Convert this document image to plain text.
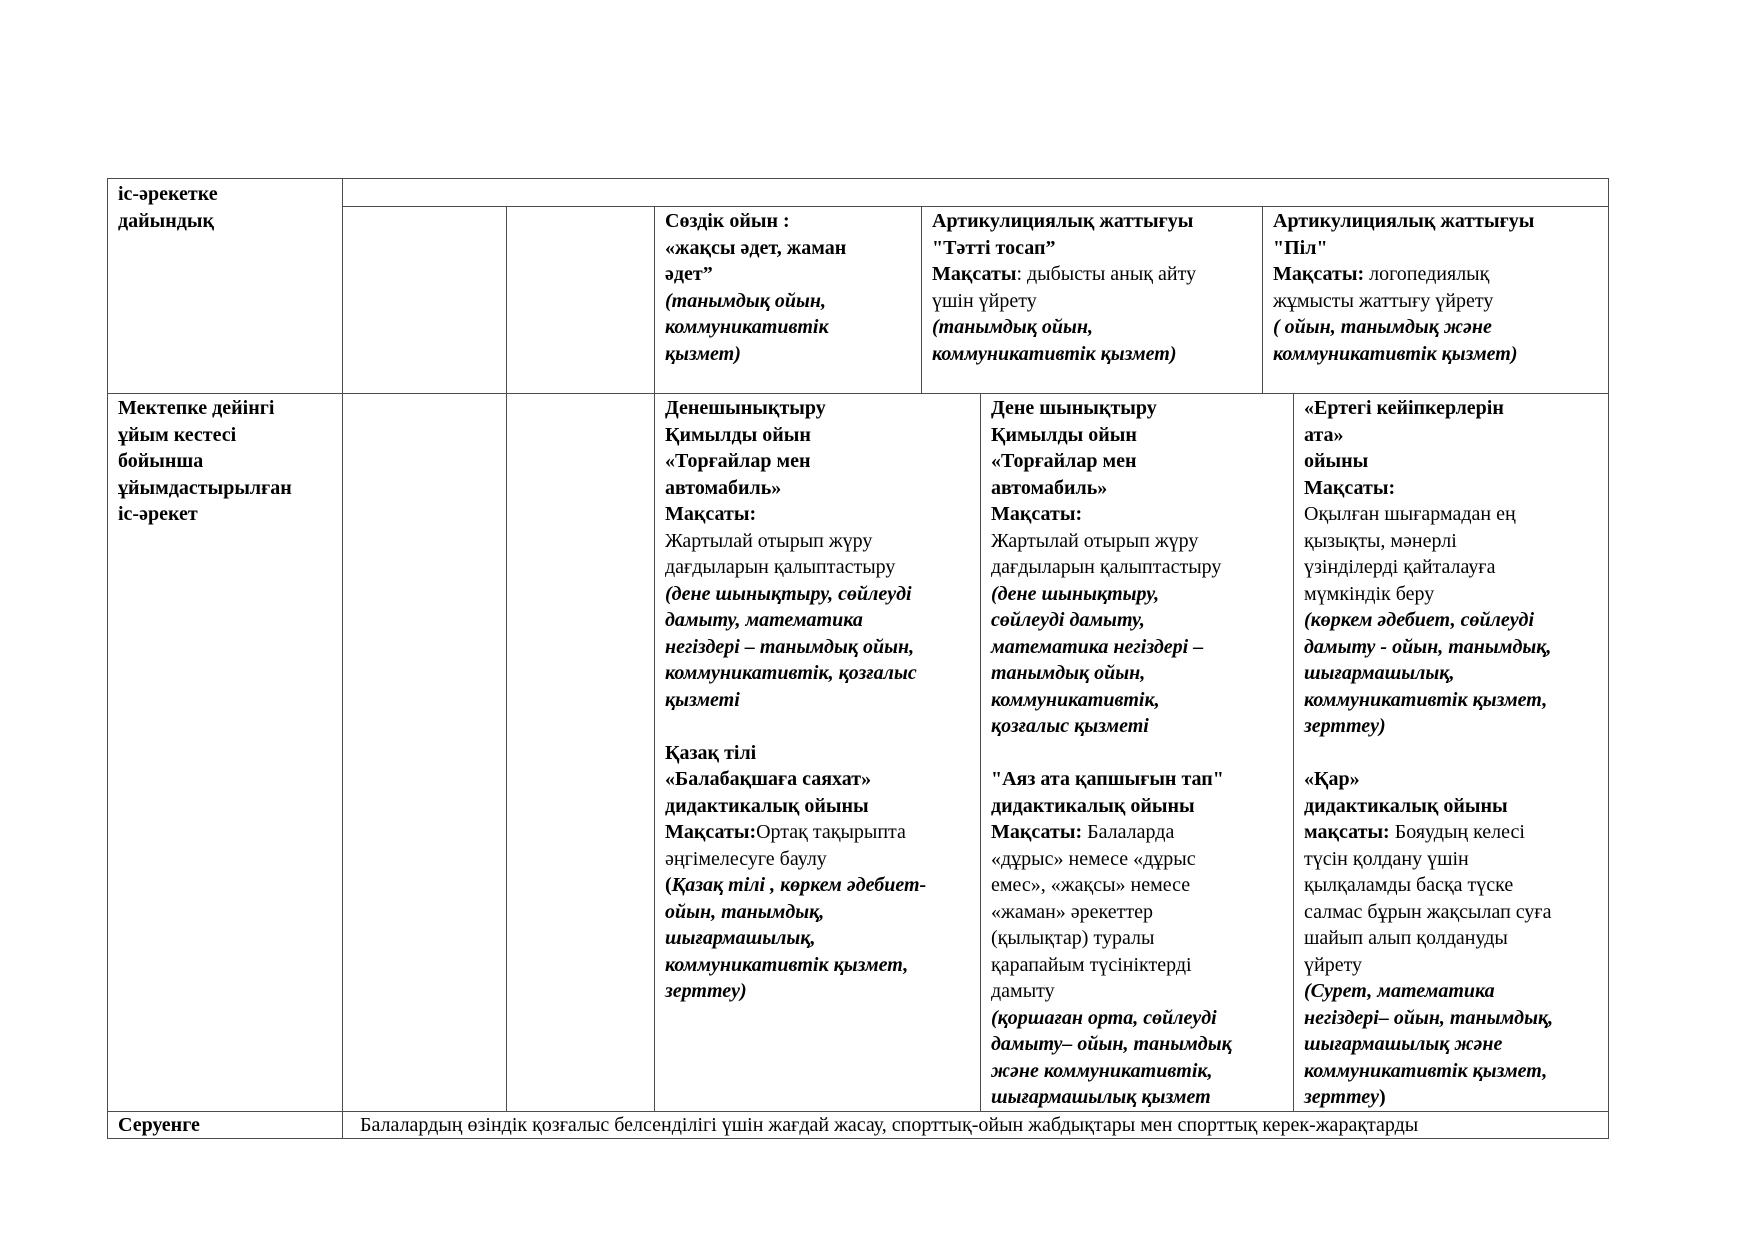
іс-әрекетке
дайындық	Сөздік ойын :
«жақсы әдет, жаман
әдет”
(танымдық ойын,
коммуникативтік
қызмет)
Артикулициялық жаттығуы
"Тәтті тосап”
Мақсаты: дыбысты анық айту
үшін үйрету
(танымдық ойын,
коммуникативтік қызмет)
Артикулициялық жаттығуы
"Піл"
Мақсаты: логопедиялық
жұмысты жаттығу үйрету
( ойын, танымдық және
коммуникативтік қызмет)
Мектепке дейінгі
ұйым кестесі
бойынша
ұйымдастырылған
іс-әрекет
Денешынықтыру
Қимылды ойын
«Торғайлар мен
автомабиль»
Мақсаты:
Жартылай отырып жүру
дағдыларын қалыптастыру
(дене шынықтыру, сөйлеуді
дамыту, математика
негіздері – танымдық ойын,
коммуникативтік, қозғалыс
қызметі
Қазақ тілі
«Балабақшаға саяхат»
дидактикалық ойыны
Мақсаты:Ортақ тақырыпта
әңгімелесуге баулу
(Қазақ тілі , көркем әдебиет-
ойын, танымдық,
шығармашылық,
коммуникативтік қызмет,
зерттеу)
Дене шынықтыру
Қимылды ойын
«Торғайлар мен
автомабиль»
Мақсаты:
Жартылай отырып жүру
дағдыларын қалыптастыру
(дене шынықтыру,
сөйлеуді дамыту,
математика негіздері –
танымдық ойын,
коммуникативтік,
қозғалыс қызметі
"Аяз ата қапшығын тап"
дидактикалық ойыны
Мақсаты: Балаларда
«дұрыс» немесе «дұрыс
емес», «жақсы» немесе
«жаман» әрекеттер
(қылықтар) туралы
қарапайым түсініктерді
дамыту
(қоршаған орта, сөйлеуді
дамыту– ойын, танымдық
және коммуникативтік,
шығармашылық қызмет
«Ертегі кейіпкерлерін
ата»
ойыны
Мақсаты:
Оқылған шығармадан ең
қызықты, мәнерлі
үзінділерді қайталауға
мүмкіндік беру
(көркем әдебиет, сөйлеуді
дамыту - ойын, танымдық,
шығармашылық,
коммуникативтік қызмет,
зерттеу)
«Қар»
дидактикалық ойыны
мақсаты: Бояудың келесі
түсін қолдану үшін
қылқаламды басқа түске
салмас бұрын жақсылап суға
шайып алып қолдануды
үйрету
(Сурет, математика
негіздері– ойын, танымдық,
шығармашылық және
коммуникативтік қызмет,
зерттеу)
Серуенге	Балалардың өзіндік қозғалыс белсенділігі үшін жағдай жасау, спорттық-ойын жабдықтары мен спорттық керек-жарақтарды
